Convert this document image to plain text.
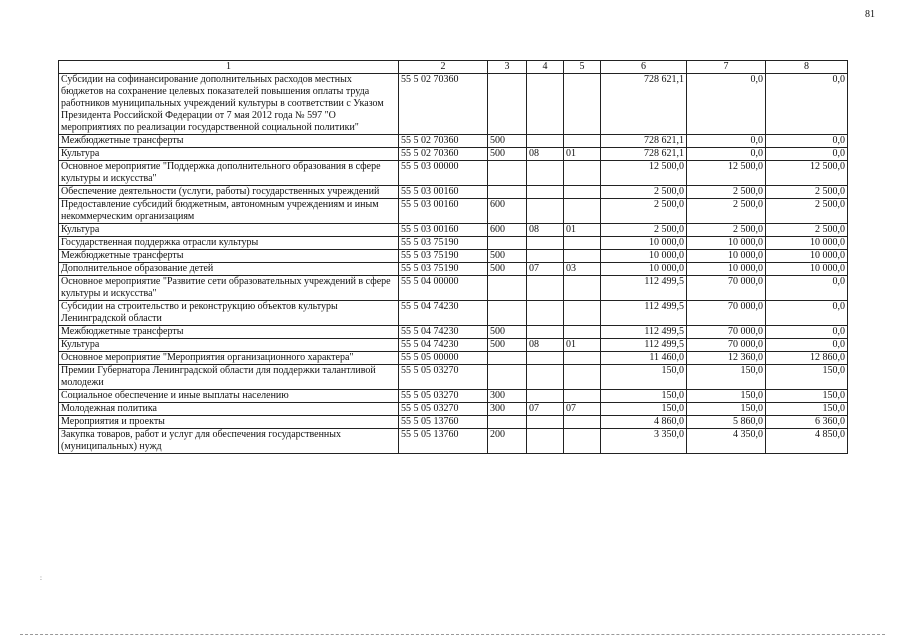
81
1	2	3	4	5	6	7	8
Субсидии на софинансирование дополнительных расходов местных бюджетов на сохранение целевых показателей повышения оплаты труда работников муниципальных учреждений культуры в соответствии с Указом Президента Российской Федерации от 7 мая 2012 года № 597 "О мероприятиях по реализации государственной социальной политики"	55 5 02 70360				728 621,1	0,0	0,0
Межбюджетные трансферты	55 5 02 70360	500			728 621,1	0,0	0,0
Культура	55 5 02 70360	500	08	01	728 621,1	0,0	0,0
Основное мероприятие "Поддержка дополнительного образования в сфере культуры и искусства"	55 5 03 00000				12 500,0	12 500,0	12 500,0
Обеспечение деятельности (услуги, работы) государственных учреждений	55 5 03 00160				2 500,0	2 500,0	2 500,0
Предоставление субсидий бюджетным, автономным учреждениям и иным некоммерческим организациям	55 5 03 00160	600			2 500,0	2 500,0	2 500,0
Культура	55 5 03 00160	600	08	01	2 500,0	2 500,0	2 500,0
Государственная поддержка отрасли культуры	55 5 03 75190				10 000,0	10 000,0	10 000,0
Межбюджетные трансферты	55 5 03 75190	500			10 000,0	10 000,0	10 000,0
Дополнительное образование детей	55 5 03 75190	500	07	03	10 000,0	10 000,0	10 000,0
Основное мероприятие "Развитие сети образовательных учреждений в сфере культуры и искусства"	55 5 04 00000				112 499,5	70 000,0	0,0
Субсидии на строительство и реконструкцию объектов культуры Ленинградской области	55 5 04 74230				112 499,5	70 000,0	0,0
Межбюджетные трансферты	55 5 04 74230	500			112 499,5	70 000,0	0,0
Культура	55 5 04 74230	500	08	01	112 499,5	70 000,0	0,0
Основное мероприятие "Мероприятия организационного характера"	55 5 05 00000				11 460,0	12 360,0	12 860,0
Премии Губернатора Ленинградской области для поддержки талантливой молодежи	55 5 05 03270				150,0	150,0	150,0
Социальное обеспечение и иные выплаты населению	55 5 05 03270	300			150,0	150,0	150,0
Молодежная политика	55 5 05 03270	300	07	07	150,0	150,0	150,0
Мероприятия и проекты	55 5 05 13760				4 860,0	5 860,0	6 360,0
Закупка товаров, работ и услуг для обеспечения государственных (муниципальных) нужд	55 5 05 13760	200			3 350,0	4 350,0	4 850,0
:
